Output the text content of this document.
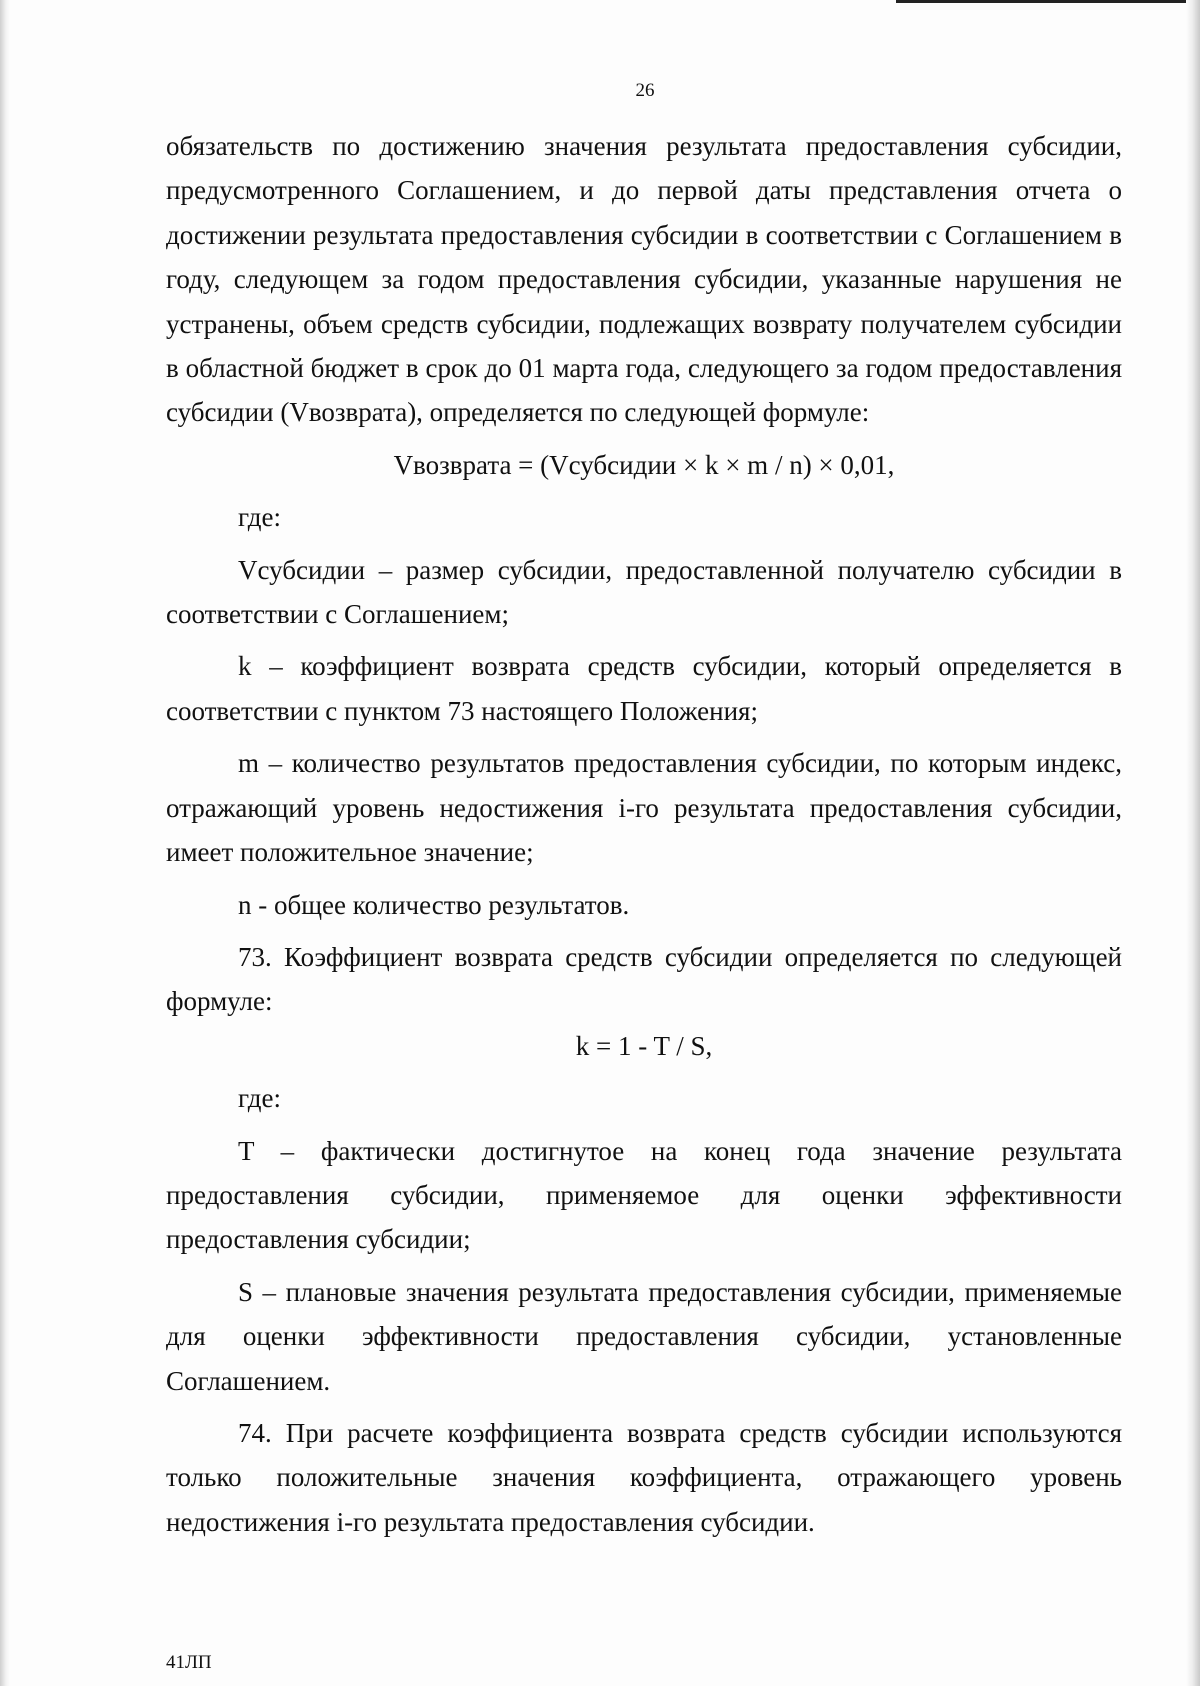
26

обязательств по достижению значения результата предоставления субсидии, предусмотренного Соглашением, и до первой даты представления отчета о достижении результата предоставления субсидии в соответствии с Соглашением в году, следующем за годом предоставления субсидии, указанные нарушения не устранены, объем средств субсидии, подлежащих возврату получателем субсидии в областной бюджет в срок до 01 марта года, следующего за годом предоставления субсидии (Vвозврата), определяется по следующей формуле:

Vвозврата = (Vсубсидии × k × m / n) × 0,01,

где:

Vсубсидии – размер субсидии, предоставленной получателю субсидии в соответствии с Соглашением;

k – коэффициент возврата средств субсидии, который определяется в соответствии с пунктом 73 настоящего Положения;

m – количество результатов предоставления субсидии, по которым индекс, отражающий уровень недостижения i-го результата предоставления субсидии, имеет положительное значение;

n - общее количество результатов.

73. Коэффициент возврата средств субсидии определяется по следующей формуле:

k = 1 - T / S,

где:

T – фактически достигнутое на конец года значение результата предоставления субсидии, применяемое для оценки эффективности предоставления субсидии;

S – плановые значения результата предоставления субсидии, применяемые для оценки эффективности предоставления субсидии, установленные Соглашением.

74. При расчете коэффициента возврата средств субсидии используются только положительные значения коэффициента, отражающего уровень недостижения i-го результата предоставления субсидии.

41ЛП
